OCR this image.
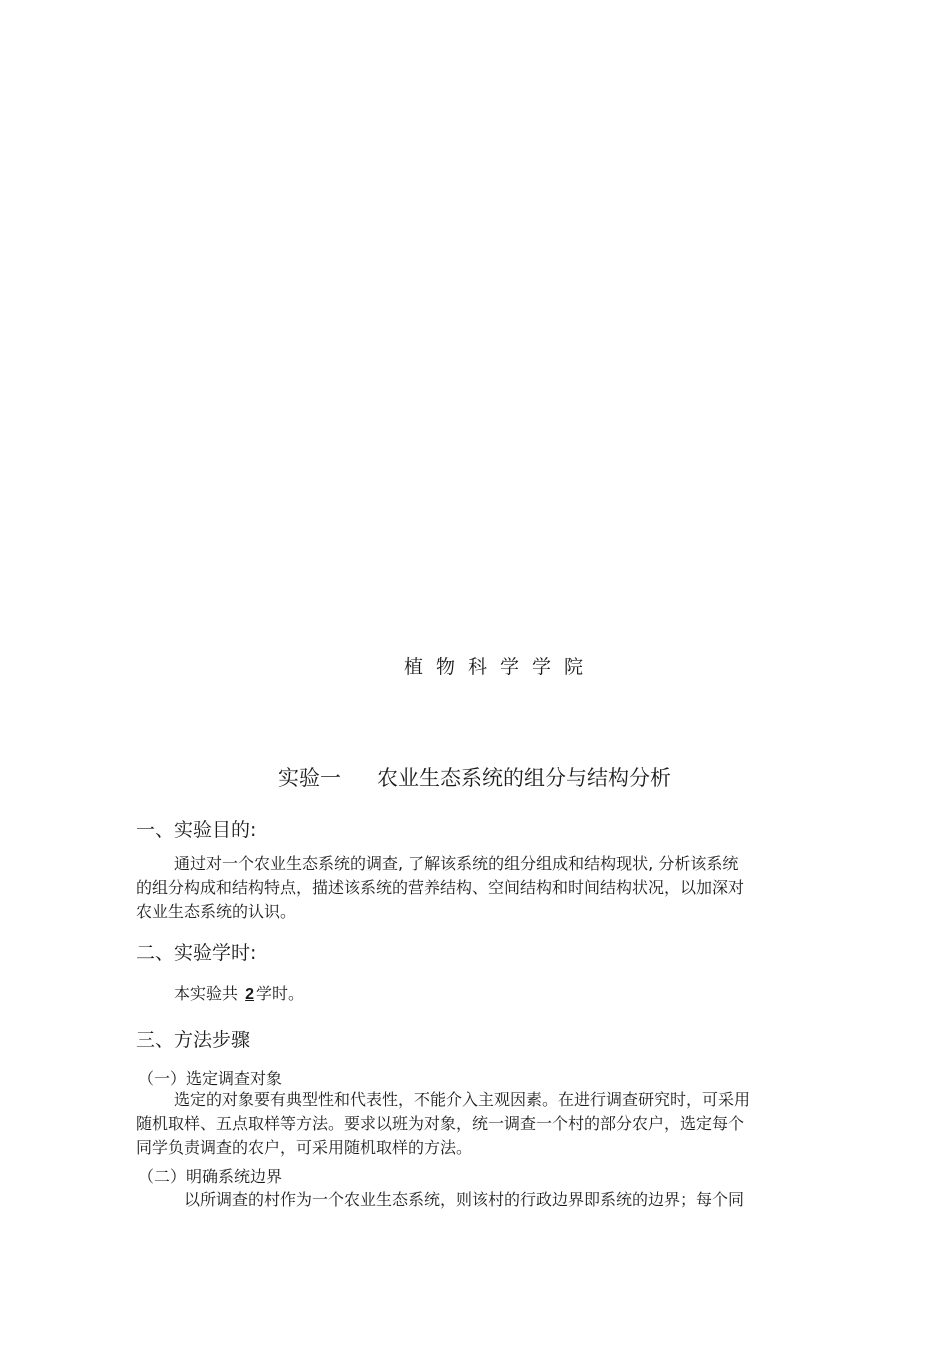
植物科学学院
实验一 农业生态系统的组分与结构分析
一、实验目的:
通过对一个农业生态系统的调查, 了解该系统的组分组成和结构现状, 分析该系统
的组分构成和结构特点，描述该系统的营养结构、空间结构和时间结构状况，以加深对
农业生态系统的认识。
二、实验学时:
本实验共 2 学时。
三、方法步骤
（一）选定调查对象
选定的对象要有典型性和代表性，不能介入主观因素。在进行调查研究时，可采用
随机取样、五点取样等方法。要求以班为对象，统一调查一个村的部分农户，选定每个
同学负责调查的农户，可采用随机取样的方法。
（二）明确系统边界
以所调查的村作为一个农业生态系统，则该村的行政边界即系统的边界；每个同
